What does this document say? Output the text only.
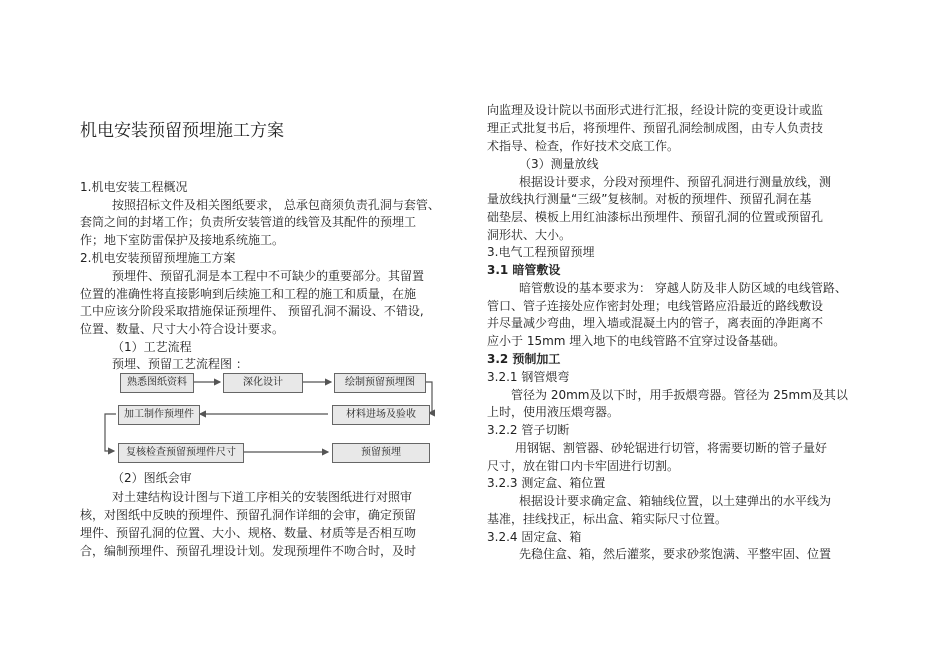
机电安装预留预埋施工方案
1.机电安装工程概况
按照招标文件及相关图纸要求， 总承包商须负责孔洞与套管、
套筒之间的封堵工作；负责所安装管道的线管及其配件的预埋工
作；地下室防雷保护及接地系统施工。
2.机电安装预留预埋施工方案
预埋件、预留孔洞是本工程中不可缺少的重要部分。其留置
位置的准确性将直接影响到后续施工和工程的施工和质量，在施
工中应该分阶段采取措施保证预埋件、 预留孔洞不漏设、不错设,
位置、数量、尺寸大小符合设计要求。
（1）工艺流程
预埋、预留工艺流程图 ：
（2）图纸会审
对土建结构设计图与下道工序相关的安装图纸进行对照审
核，对图纸中反映的预埋件、预留孔洞作详细的会审，确定预留
埋件、预留孔洞的位置、大小、规格、数量、材质等是否相互吻
合，编制预埋件、预留孔埋设计划。发现预埋件不吻合时，及时
熟悉图纸资料	深化设计	绘制预留预埋图
材料进场及验收
加工制作预埋件
复核检查预留预埋件尺寸	预留预埋
向监理及设计院以书面形式进行汇报，经设计院的变更设计或监
理正式批复书后，将预埋件、预留孔洞绘制成图，由专人负责技
术指导、检查，作好技术交底工作。
（3）测量放线
根据设计要求，分段对预埋件、预留孔洞进行测量放线，测
量放线执行测量“三级”复核制。对板的预埋件、预留孔洞在基
础垫层、模板上用红油漆标出预埋件、预留孔洞的位置或预留孔
洞形状、大小。
3.电气工程预留预埋
3.1 暗管敷设
暗管敷设的基本要求为： 穿越人防及非人防区域的电线管路、
管口、管子连接处应作密封处理；电线管路应沿最近的路线敷设
并尽量减少弯曲，埋入墙或混凝土内的管子，离表面的净距离不
应小于 15mm 埋入地下的电线管路不宜穿过设备基础。
3.2 预制加工
3.2.1 钢管煨弯
管径为 20mm及以下时，用手扳煨弯器。管径为 25mm及其以
上时，使用液压煨弯器。
3.2.2 管子切断
用钢锯、割管器、砂轮锯进行切管，将需要切断的管子量好
尺寸，放在钳口内卡牢固进行切割。
3.2.3 测定盒、箱位置
根据设计要求确定盒、箱轴线位置，以土建弹出的水平线为
基准，挂线找正，标出盒、箱实际尺寸位置。
3.2.4 固定盒、箱
先稳住盒、箱，然后灌浆，要求砂浆饱满、平整牢固、位置
